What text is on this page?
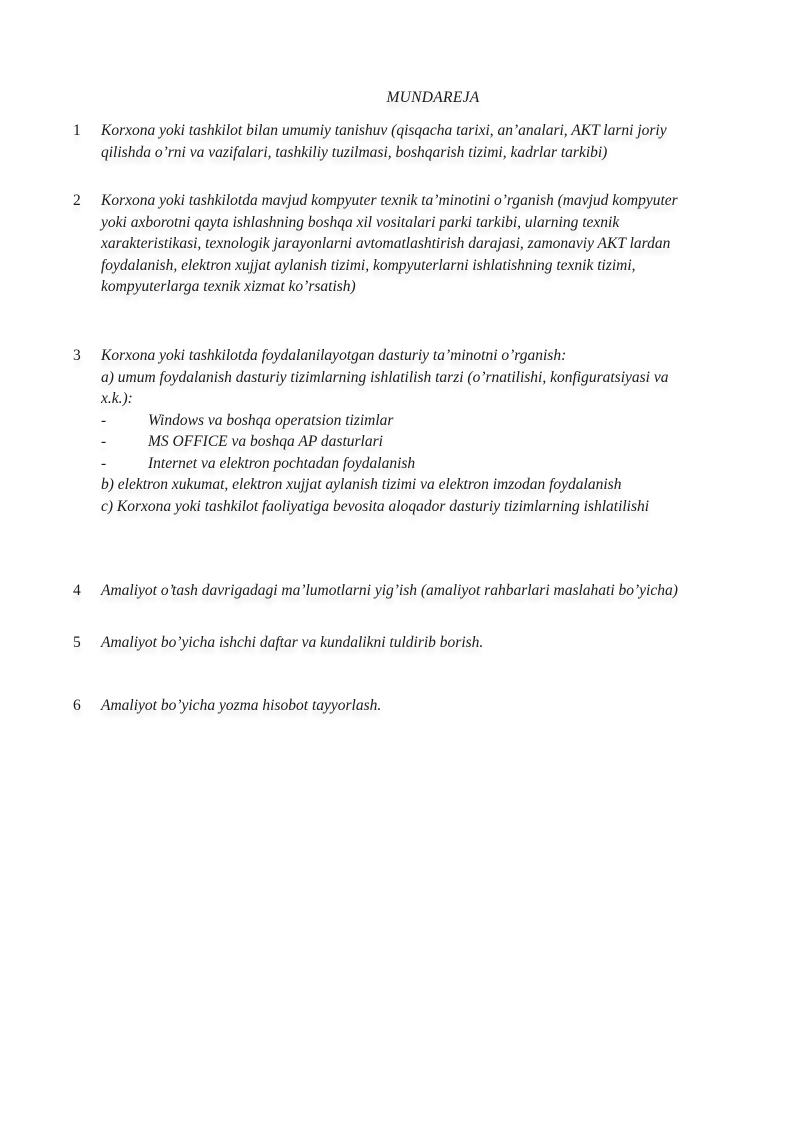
MUNDAREJA
1 Korxona yoki tashkilot bilan umumiy tanishuv (qisqacha tarixi, an’analari, AKT larni joriy

qilishda o’rni va vazifalari, tashkiliy tuzilmasi, boshqarish tizimi, kadrlar tarkibi)

2 Korxona yoki tashkilotda mavjud kompyuter texnik ta’minotini o’rganish (mavjud kompyuter

yoki axborotni qayta ishlashning boshqa xil vositalari parki tarkibi, ularning texnik

xarakteristikasi, texnologik jarayonlarni avtomatlashtirish darajasi, zamonaviy AKT lardan

foydalanish, elektron xujjat aylanish tizimi, kompyuterlarni ishlatishning texnik tizimi,

kompyuterlarga texnik xizmat ko’rsatish)

3 Korxona yoki tashkilotda foydalanilayotgan dasturiy ta’minotni o’rganish:

a) umum foydalanish dasturiy tizimlarning ishlatilish tarzi (o’rnatilishi, konfiguratsiyasi va

x.k.):

-	Windows va boshqa operatsion tizimlar
-	MS OFFICE va boshqa AP dasturlari
-	Internet va elektron pochtadan foydalanish

b) elektron xukumat, elektron xujjat aylanish tizimi va elektron imzodan foydalanish

c) Korxona yoki tashkilot faoliyatiga bevosita aloqador dasturiy tizimlarning ishlatilishi

4 Amaliyot o’tash davrigadagi ma’lumotlarni yig’ish (amaliyot rahbarlari maslahati bo’yicha)

5 Amaliyot bo’yicha ishchi daftar va kundalikni tuldirib borish.

6 Amaliyot bo’yicha yozma hisobot tayyorlash.
